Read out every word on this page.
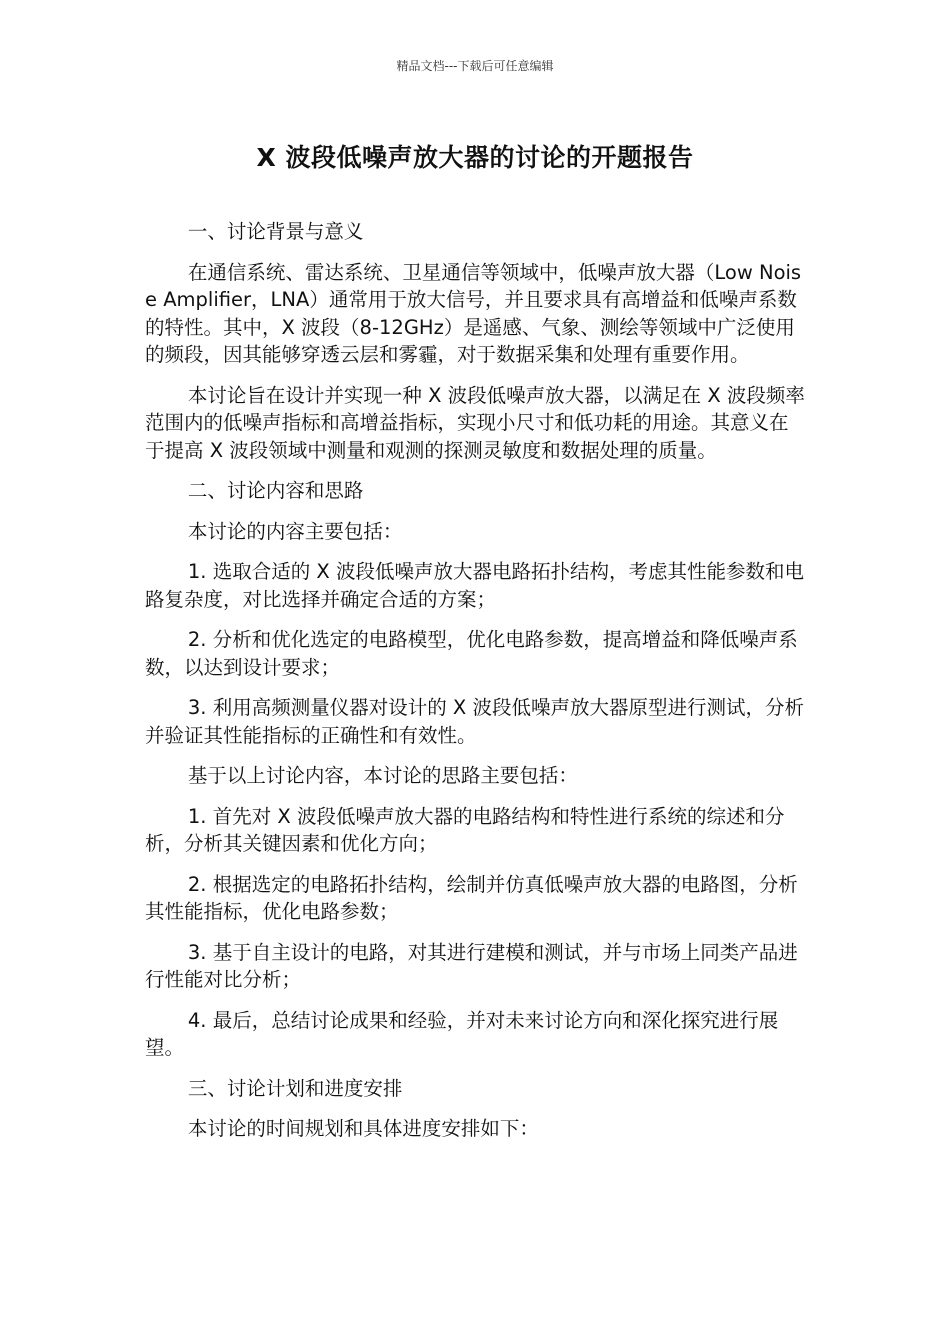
精品文档---下载后可任意编辑
X 波段低噪声放大器的讨论的开题报告

一、讨论背景与意义

在通信系统、雷达系统、卫星通信等领域中，低噪声放大器（Low Noise Amplifier，LNA）通常用于放大信号，并且要求具有高增益和低噪声系数的特性。其中，X 波段（8-12GHz）是遥感、气象、测绘等领域中广泛使用的频段，因其能够穿透云层和雾霾，对于数据采集和处理有重要作用。

本讨论旨在设计并实现一种 X 波段低噪声放大器，以满足在 X 波段频率范围内的低噪声指标和高增益指标，实现小尺寸和低功耗的用途。其意义在于提高 X 波段领域中测量和观测的探测灵敏度和数据处理的质量。

二、讨论内容和思路

本讨论的内容主要包括：

1. 选取合适的 X 波段低噪声放大器电路拓扑结构，考虑其性能参数和电路复杂度，对比选择并确定合适的方案；

2. 分析和优化选定的电路模型，优化电路参数，提高增益和降低噪声系数，以达到设计要求；

3. 利用高频测量仪器对设计的 X 波段低噪声放大器原型进行测试，分析并验证其性能指标的正确性和有效性。

基于以上讨论内容，本讨论的思路主要包括：

1. 首先对 X 波段低噪声放大器的电路结构和特性进行系统的综述和分析，分析其关键因素和优化方向；

2. 根据选定的电路拓扑结构，绘制并仿真低噪声放大器的电路图，分析其性能指标，优化电路参数；

3. 基于自主设计的电路，对其进行建模和测试，并与市场上同类产品进行性能对比分析；

4. 最后，总结讨论成果和经验，并对未来讨论方向和深化探究进行展望。

三、讨论计划和进度安排

本讨论的时间规划和具体进度安排如下：
